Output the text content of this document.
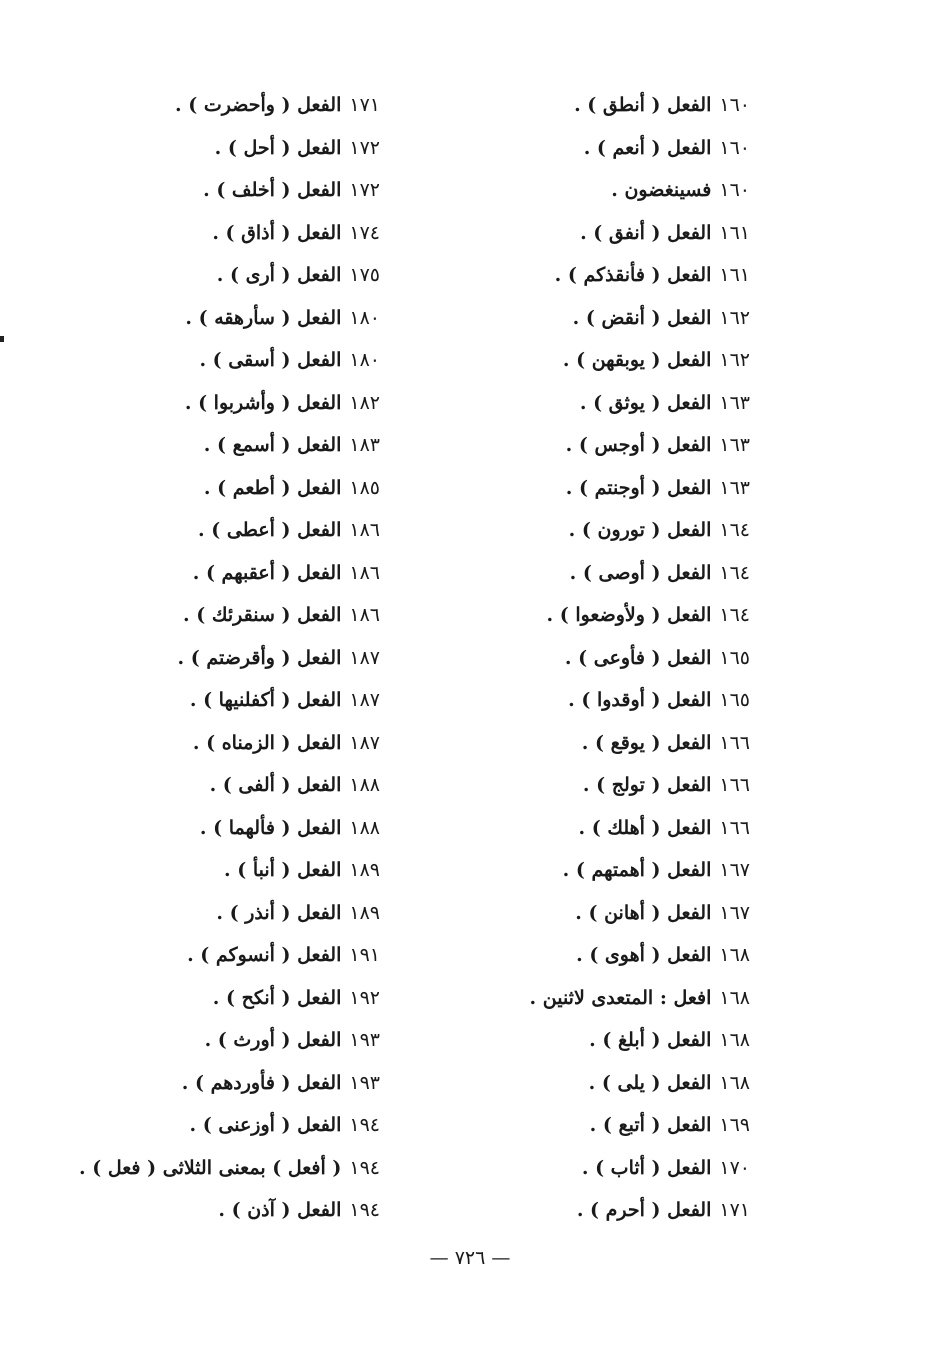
١٦٠الفعل ( أنطق ) .
١٦٠الفعل ( أنعم ) .
١٦٠فسينغضون .
١٦١الفعل ( أنفق ) .
١٦١الفعل ( فأنقذكم ) .
١٦٢الفعل ( أنقض ) .
١٦٢الفعل ( يوبقهن ) .
١٦٣الفعل ( يوثق ) .
١٦٣الفعل ( أوجس ) .
١٦٣الفعل ( أوجنتم ) .
١٦٤الفعل ( تورون ) .
١٦٤الفعل ( أوصى ) .
١٦٤الفعل ( ولأوضعوا ) .
١٦٥الفعل ( فأوعى ) .
١٦٥الفعل ( أوقدوا ) .
١٦٦الفعل ( يوقع ) .
١٦٦الفعل ( تولج ) .
١٦٦الفعل ( أهلك ) .
١٦٧الفعل ( أهمتهم ) .
١٦٧الفعل ( أهانن ) .
١٦٨الفعل ( أهوى ) .
١٦٨افعل : المتعدى لاثنين .
١٦٨الفعل ( أبلغ ) .
١٦٨الفعل ( يلى ) .
١٦٩الفعل ( أتبع ) .
١٧٠الفعل ( أثاب ) .
١٧١الفعل ( أحرم ) .
١٧١الفعل ( وأحضرت ) .
١٧٢الفعل ( أحل ) .
١٧٢الفعل ( أخلف ) .
١٧٤الفعل ( أذاق ) .
١٧٥الفعل ( أرى ) .
١٨٠الفعل ( سأرهقه ) .
١٨٠الفعل ( أسقى ) .
١٨٢الفعل ( وأشربوا ) .
١٨٣الفعل ( أسمع ) .
١٨٥الفعل ( أطعم ) .
١٨٦الفعل ( أعطى ) .
١٨٦الفعل ( أعقبهم ) .
١٨٦الفعل ( سنقرئك ) .
١٨٧الفعل ( وأقرضتم ) .
١٨٧الفعل ( أكفلنيها ) .
١٨٧الفعل ( الزمناه ) .
١٨٨الفعل ( ألفى ) .
١٨٨الفعل ( فألهما ) .
١٨٩الفعل ( أنبأ ) .
١٨٩الفعل ( أنذر ) .
١٩١الفعل ( أنسوكم ) .
١٩٢الفعل ( أنكح ) .
١٩٣الفعل ( أورث ) .
١٩٣الفعل ( فأوردهم ) .
١٩٤الفعل ( أوزعنى ) .
١٩٤( أفعل ) بمعنى الثلاثى ( فعل ) .
١٩٤الفعل ( آذن ) .
— ٧٢٦ —
